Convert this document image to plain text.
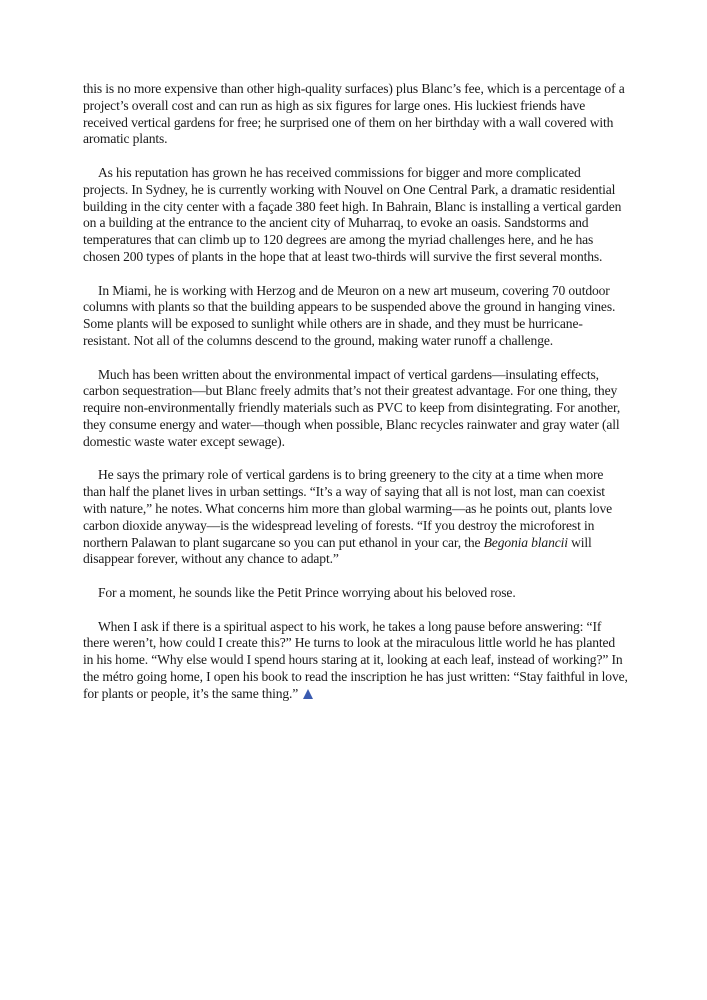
this is no more expensive than other high-quality surfaces) plus Blanc’s fee, which is a percentage of a project’s overall cost and can run as high as six figures for large ones. His luckiest friends have received vertical gardens for free; he surprised one of them on her birthday with a wall covered with aromatic plants.

As his reputation has grown he has received commissions for bigger and more complicated projects. In Sydney, he is currently working with Nouvel on One Central Park, a dramatic residential building in the city center with a façade 380 feet high. In Bahrain, Blanc is installing a vertical garden on a building at the entrance to the ancient city of Muharraq, to evoke an oasis. Sandstorms and temperatures that can climb up to 120 degrees are among the myriad challenges here, and he has chosen 200 types of plants in the hope that at least two-thirds will survive the first several months.

In Miami, he is working with Herzog and de Meuron on a new art museum, covering 70 outdoor columns with plants so that the building appears to be suspended above the ground in hanging vines. Some plants will be exposed to sunlight while others are in shade, and they must be hurricane-resistant. Not all of the columns descend to the ground, making water runoff a challenge.

Much has been written about the environmental impact of vertical gardens—insulating effects, carbon sequestration—but Blanc freely admits that’s not their greatest advantage. For one thing, they require non-environmentally friendly materials such as PVC to keep from disintegrating. For another, they consume energy and water—though when possible, Blanc recycles rainwater and gray water (all domestic waste water except sewage).

He says the primary role of vertical gardens is to bring greenery to the city at a time when more than half the planet lives in urban settings. “It’s a way of saying that all is not lost, man can coexist with nature,” he notes. What concerns him more than global warming—as he points out, plants love carbon dioxide anyway—is the widespread leveling of forests. “If you destroy the microforest in northern Palawan to plant sugarcane so you can put ethanol in your car, the Begonia blancii will disappear forever, without any chance to adapt.”

For a moment, he sounds like the Petit Prince worrying about his beloved rose.

When I ask if there is a spiritual aspect to his work, he takes a long pause before answering: “If there weren’t, how could I create this?” He turns to look at the miraculous little world he has planted in his home. “Why else would I spend hours staring at it, looking at each leaf, instead of working?” In the métro going home, I open his book to read the inscription he has just written: “Stay faithful in love, for plants or people, it’s the same thing.”
